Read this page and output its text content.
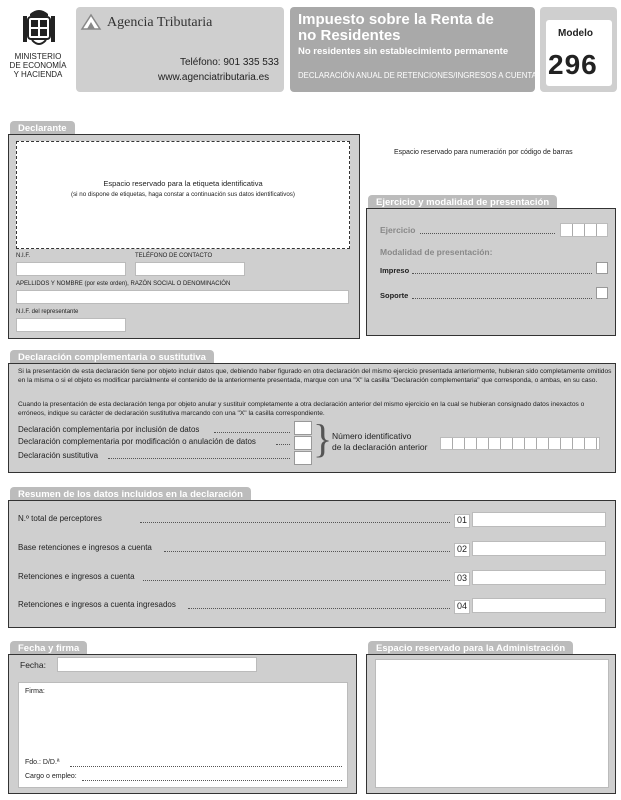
MINISTERIO
DE ECONOMÍA
Y HACIENDA
Agencia Tributaria
Teléfono: 901 335 533
www.agenciatributaria.es
Impuesto sobre la Renta de
no Residentes
No residentes sin establecimiento permanente
DECLARACIÓN ANUAL DE RETENCIONES/INGRESOS A CUENTA
Modelo
296
Declarante
Espacio reservado para la etiqueta identificativa
(si no dispone de etiquetas, haga constar a continuación sus datos identificativos)
N.I.F.	TELÉFONO DE CONTACTO
APELLIDOS Y NOMBRE (por este orden), RAZÓN SOCIAL O DENOMINACIÓN
N.I.F. del representante
Espacio reservado para numeración por código de barras
Ejercicio y modalidad de presentación
Ejercicio
Modalidad de presentación:
Impreso
Soporte
Declaración complementaria o sustitutiva
Si la presentación de esta declaración tiene por objeto incluir datos que, debiendo haber figurado en otra declaración del mismo ejercicio presentada anteriormente, hubieran sido completamente omitidos en la misma o si el objeto es modificar parcialmente el contenido de la anteriormente presentada, marque con una "X" la casilla "Declaración complementaria" que corresponda, o ambas, en su caso.
Cuando la presentación de esta declaración tenga por objeto anular y sustituir completamente a otra declaración anterior del mismo ejercicio en la cual se hubieran consignado datos inexactos o erróneos, indique su carácter de declaración sustitutiva marcando con una "X" la casilla correspondiente.
Declaración complementaria por inclusión de datos
Declaración complementaria por modificación o anulación de datos
Declaración sustitutiva	} Número identificativo
de la declaración anterior
Resumen de los datos incluidos en la declaración
N.º total de perceptores	01
Base retenciones e ingresos a cuenta	02
Retenciones e ingresos a cuenta	03
Retenciones e ingresos a cuenta ingresados	04
Fecha y firma
Fecha:
Firma:
Fdo.: D/D.ª
Cargo o empleo:
Espacio reservado para la Administración
